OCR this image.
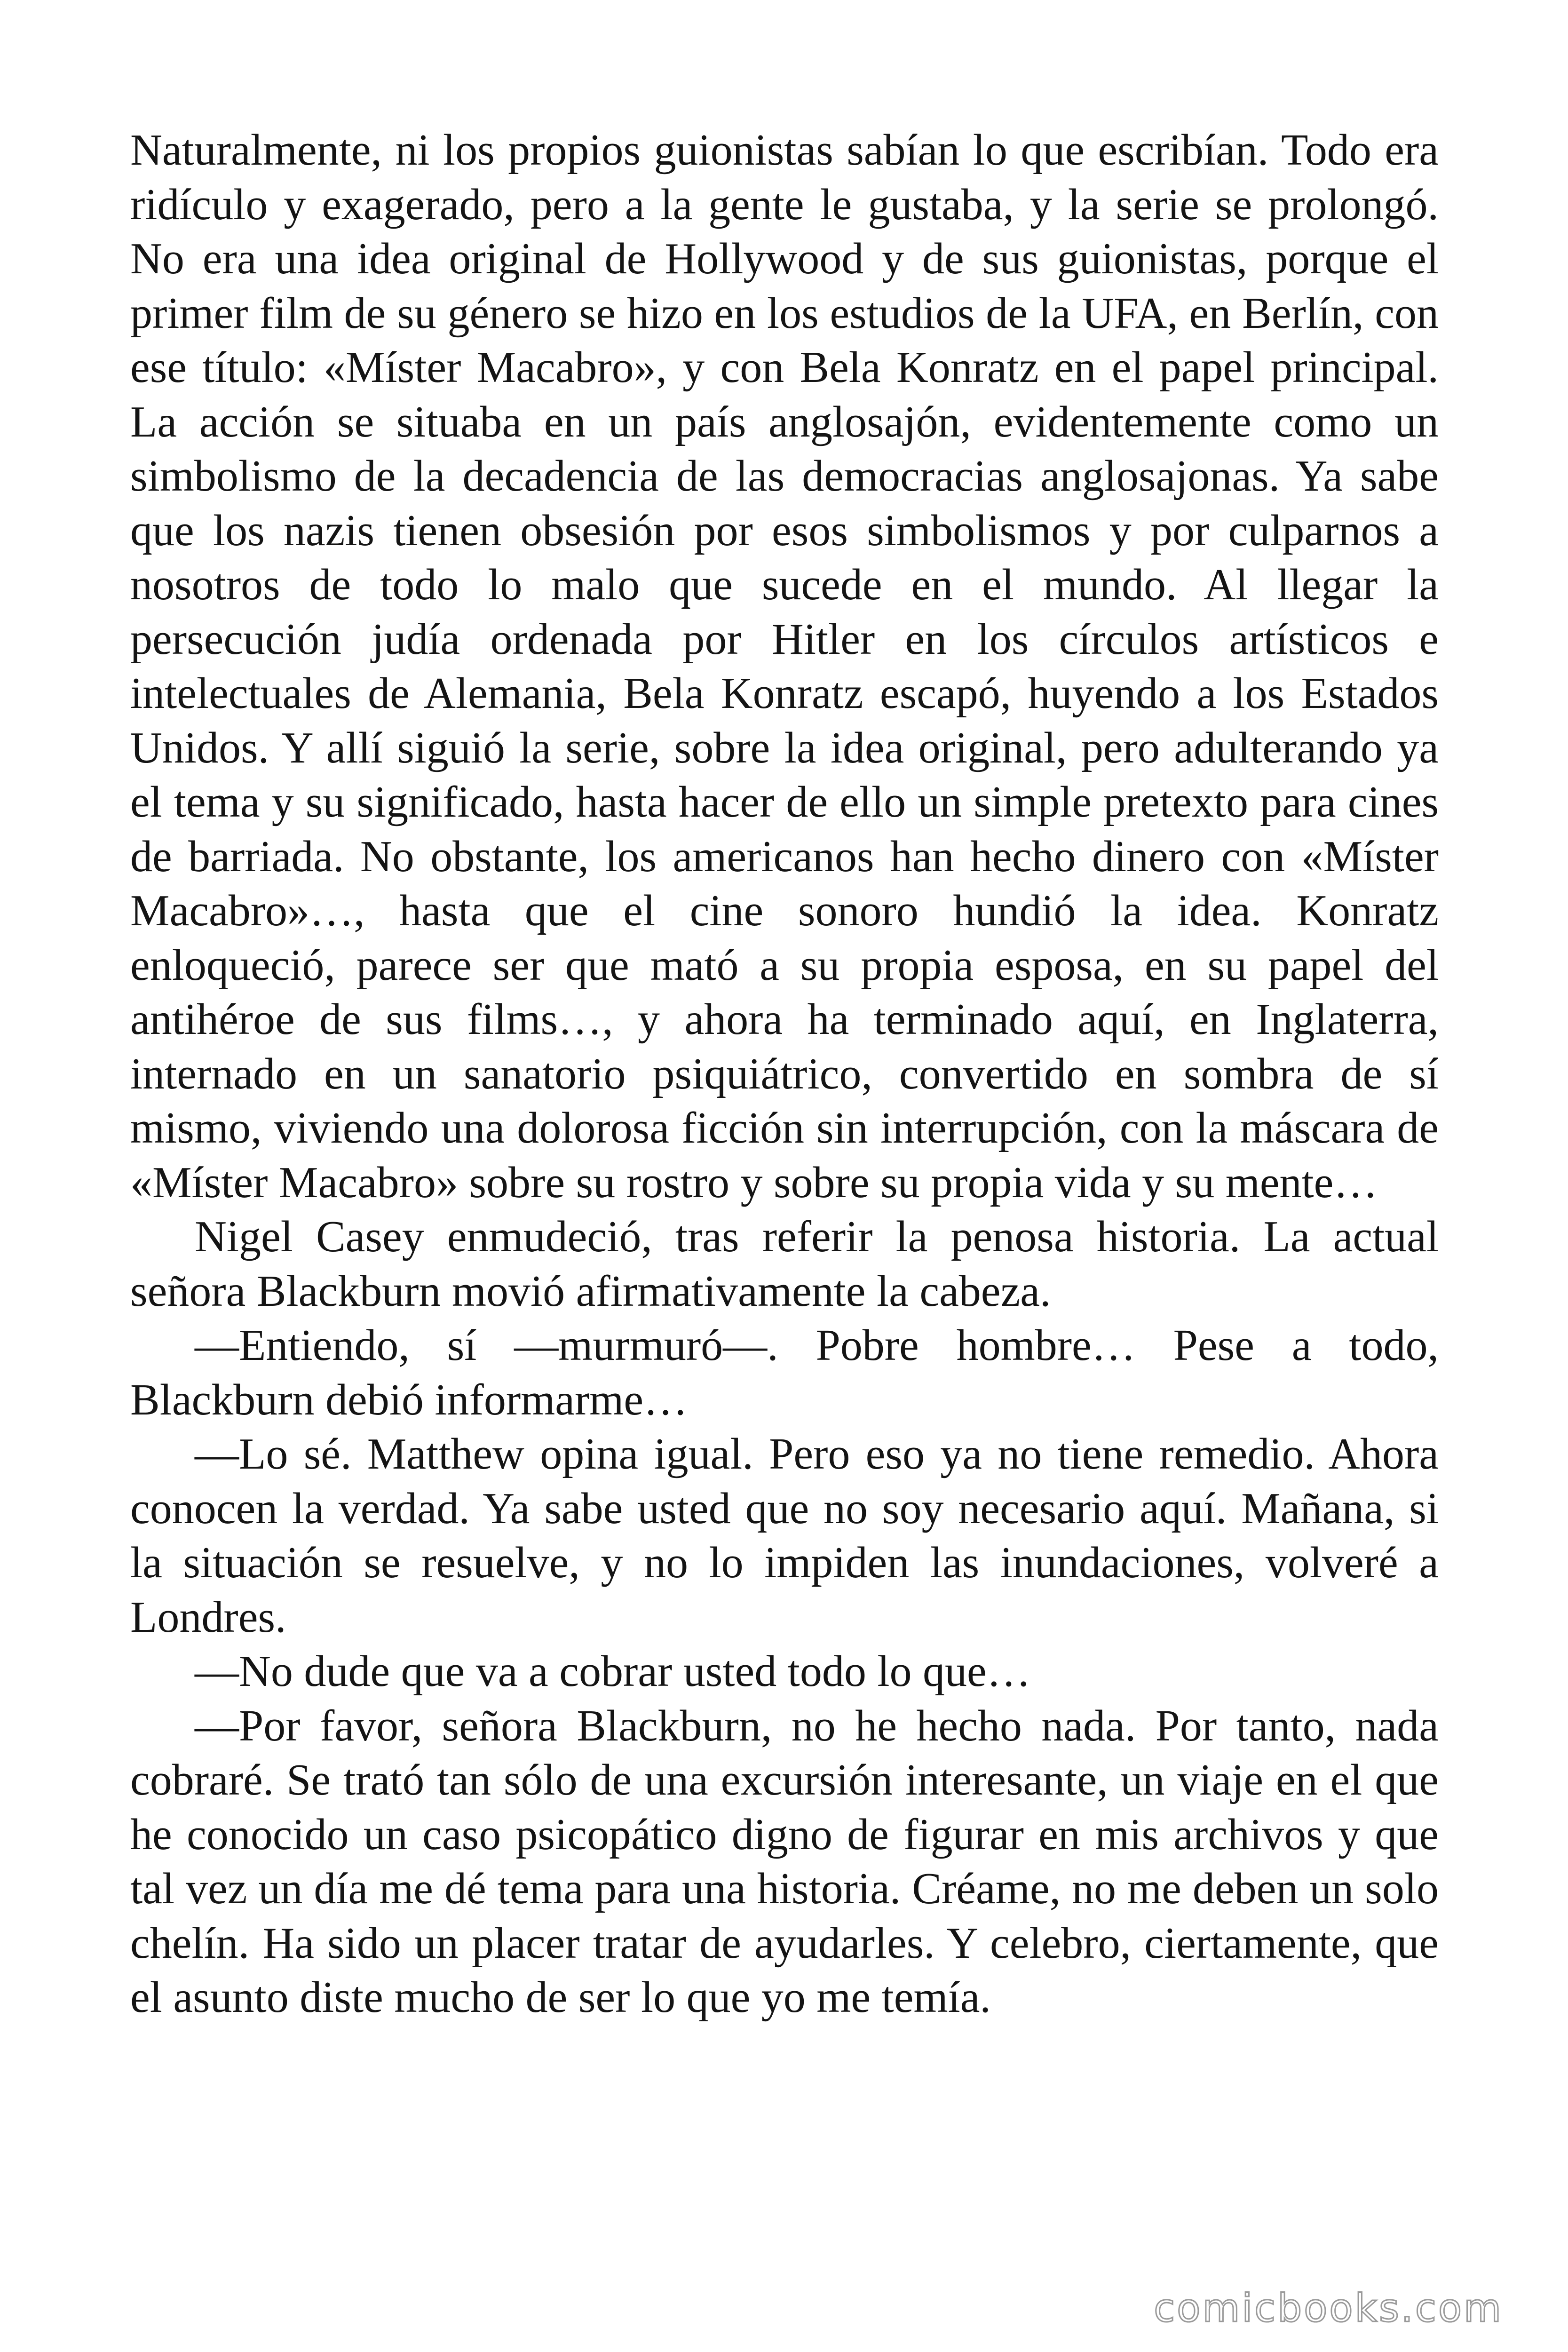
Naturalmente, ni los propios guionistas sabían lo que escribían. Todo era ridículo y exagerado, pero a la gente le gustaba, y la serie se prolongó. No era una idea original de Hollywood y de sus guionistas, porque el primer film de su género se hizo en los estudios de la UFA, en Berlín, con ese título: «Míster Macabro», y con Bela Konratz en el papel principal. La acción se situaba en un país anglosajón, evidentemente como un simbolismo de la decadencia de las democracias anglosajonas. Ya sabe que los nazis tienen obsesión por esos simbolismos y por culparnos a nosotros de todo lo malo que sucede en el mundo. Al llegar la persecución judía ordenada por Hitler en los círculos artísticos e intelectuales de Alemania, Bela Konratz escapó, huyendo a los Estados Unidos. Y allí siguió la serie, sobre la idea original, pero adulterando ya el tema y su significado, hasta hacer de ello un simple pretexto para cines de barriada. No obstante, los americanos han hecho dinero con «Míster Macabro»…, hasta que el cine sonoro hundió la idea. Konratz enloqueció, parece ser que mató a su propia esposa, en su papel del antihéroe de sus films…, y ahora ha terminado aquí, en Inglaterra, internado en un sanatorio psiquiátrico, convertido en sombra de sí mismo, viviendo una dolorosa ficción sin interrupción, con la máscara de «Míster Macabro» sobre su rostro y sobre su propia vida y su mente…

Nigel Casey enmudeció, tras referir la penosa historia. La actual señora Blackburn movió afirmativamente la cabeza.

—Entiendo, sí —murmuró—. Pobre hombre… Pese a todo, Blackburn debió informarme…

—Lo sé. Matthew opina igual. Pero eso ya no tiene remedio. Ahora conocen la verdad. Ya sabe usted que no soy necesario aquí. Mañana, si la situación se resuelve, y no lo impiden las inundaciones, volveré a Londres.

—No dude que va a cobrar usted todo lo que…

—Por favor, señora Blackburn, no he hecho nada. Por tanto, nada cobraré. Se trató tan sólo de una excursión interesante, un viaje en el que he conocido un caso psicopático digno de figurar en mis archivos y que tal vez un día me dé tema para una historia. Créame, no me deben un solo chelín. Ha sido un placer tratar de ayudarles. Y celebro, ciertamente, que el asunto diste mucho de ser lo que yo me temía.

comicbooks.com
